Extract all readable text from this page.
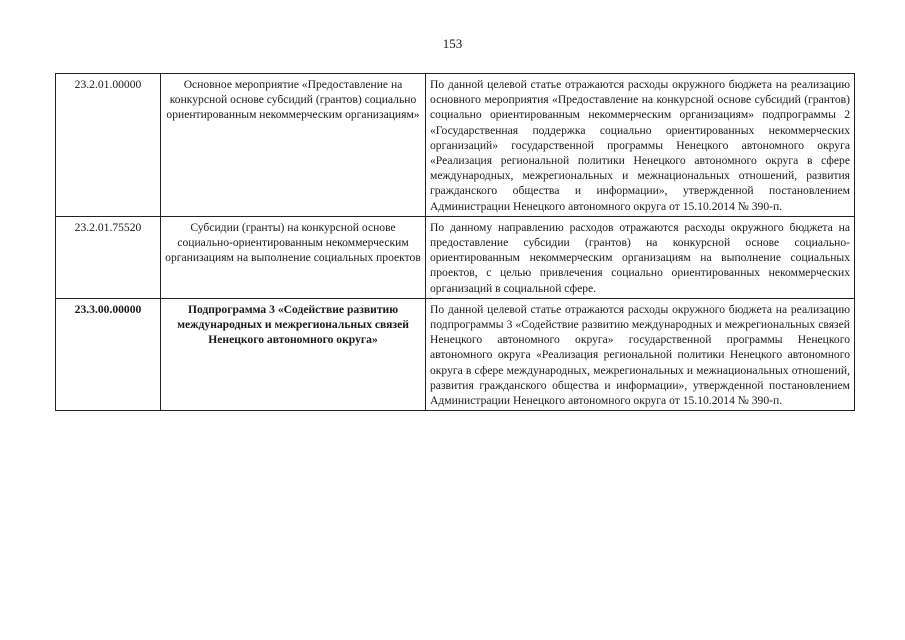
153
23.2.01.00000	Основное мероприятие «Предоставление на конкурсной основе субсидий (грантов) социально ориентированным некоммерческим организациям»	По данной целевой статье отражаются расходы окружного бюджета на реализацию основного мероприятия «Предоставление на конкурсной основе субсидий (грантов) социально ориентированным некоммерческим организациям» подпрограммы 2 «Государственная поддержка социально ориентированных некоммерческих организаций» государственной программы Ненецкого автономного округа «Реализация региональной политики Ненецкого автономного округа в сфере международных, межрегиональных и межнациональных отношений, развития гражданского общества и информации», утвержденной постановлением Администрации Ненецкого автономного округа от 15.10.2014 № 390-п.
23.2.01.75520	Субсидии (гранты) на конкурсной основе социально-ориентированным некоммерческим организациям на выполнение социальных проектов	По данному направлению расходов отражаются расходы окружного бюджета на предоставление субсидии (грантов) на конкурсной основе социально-ориентированным некоммерческим организациям на выполнение социальных проектов, с целью привлечения социально ориентированных некоммерческих организаций в социальной сфере.
23.3.00.00000	Подпрограмма 3 «Содействие развитию международных и межрегиональных связей Ненецкого автономного округа»	По данной целевой статье отражаются расходы окружного бюджета на реализацию подпрограммы 3 «Содействие развитию международных и межрегиональных связей Ненецкого автономного округа» государственной программы Ненецкого автономного округа «Реализация региональной политики Ненецкого автономного округа в сфере международных, межрегиональных и межнациональных отношений, развития гражданского общества и информации», утвержденной постановлением Администрации Ненецкого автономного округа от 15.10.2014 № 390-п.
